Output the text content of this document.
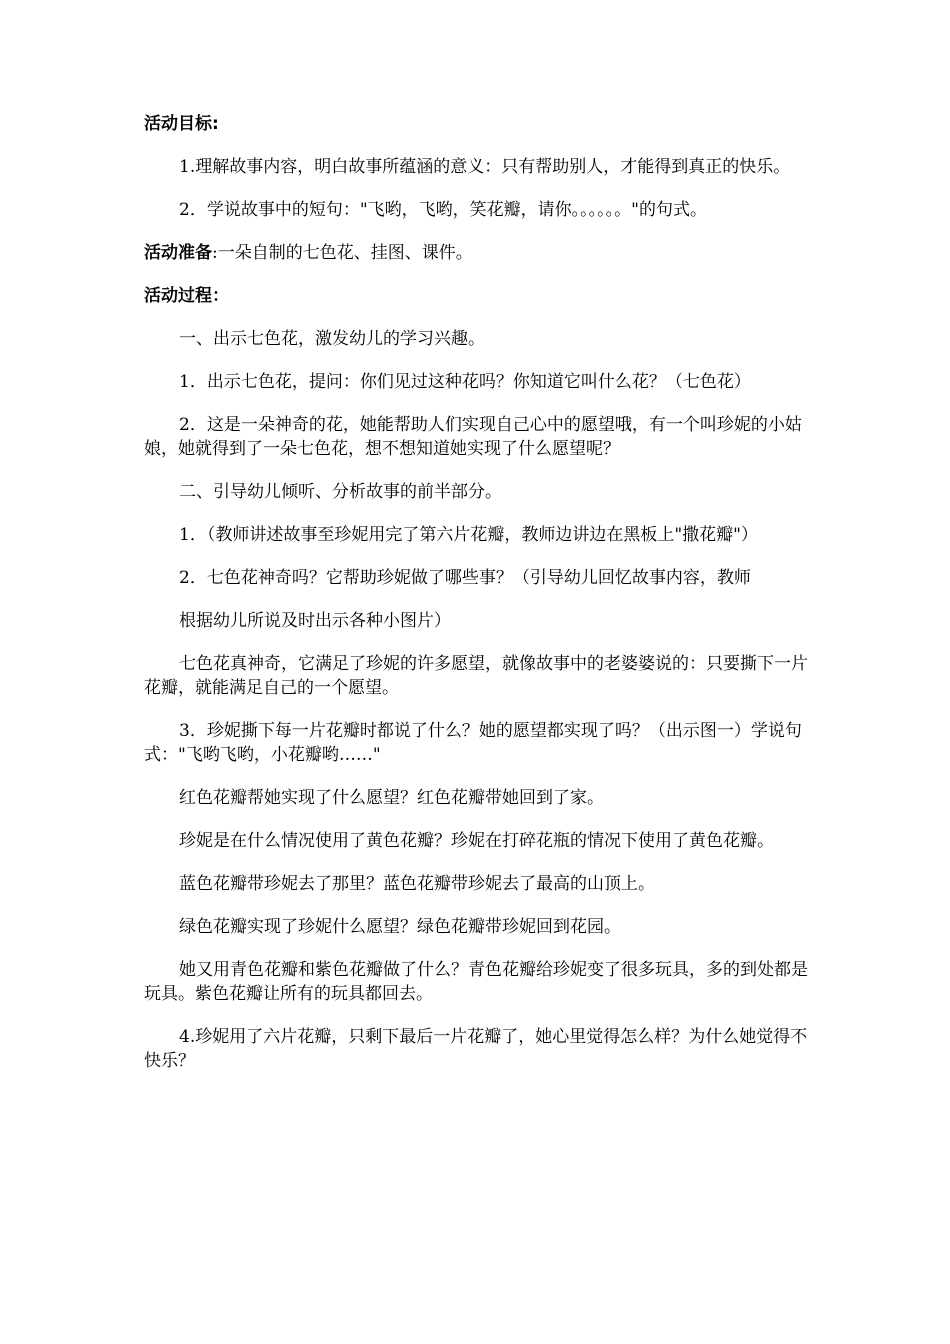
活动目标:

1.理解故事内容，明白故事所蕴涵的意义：只有帮助别人，才能得到真正的快乐。

2．学说故事中的短句："飞哟，飞哟，笑花瓣，请你。。。。。。"的句式。

活动准备:一朵自制的七色花、挂图、课件。

活动过程：

一、出示七色花，激发幼儿的学习兴趣。

1．出示七色花，提问：你们见过这种花吗？你知道它叫什么花？（七色花）

2．这是一朵神奇的花，她能帮助人们实现自己心中的愿望哦，有一个叫珍妮的小姑娘，她就得到了一朵七色花，想不想知道她实现了什么愿望呢？

二、引导幼儿倾听、分析故事的前半部分。

1．（教师讲述故事至珍妮用完了第六片花瓣，教师边讲边在黑板上"撒花瓣"）

2．七色花神奇吗？它帮助珍妮做了哪些事？（引导幼儿回忆故事内容，教师

根据幼儿所说及时出示各种小图片）

七色花真神奇，它满足了珍妮的许多愿望，就像故事中的老婆婆说的：只要撕下一片花瓣，就能满足自己的一个愿望。

3．珍妮撕下每一片花瓣时都说了什么？她的愿望都实现了吗？（出示图一）学说句式："飞哟飞哟，小花瓣哟……"

红色花瓣帮她实现了什么愿望？红色花瓣带她回到了家。

珍妮是在什么情况使用了黄色花瓣？珍妮在打碎花瓶的情况下使用了黄色花瓣。

蓝色花瓣带珍妮去了那里？蓝色花瓣带珍妮去了最高的山顶上。

绿色花瓣实现了珍妮什么愿望？绿色花瓣带珍妮回到花园。

她又用青色花瓣和紫色花瓣做了什么？青色花瓣给珍妮变了很多玩具，多的到处都是玩具。紫色花瓣让所有的玩具都回去。

4.珍妮用了六片花瓣，只剩下最后一片花瓣了，她心里觉得怎么样？为什么她觉得不快乐？
